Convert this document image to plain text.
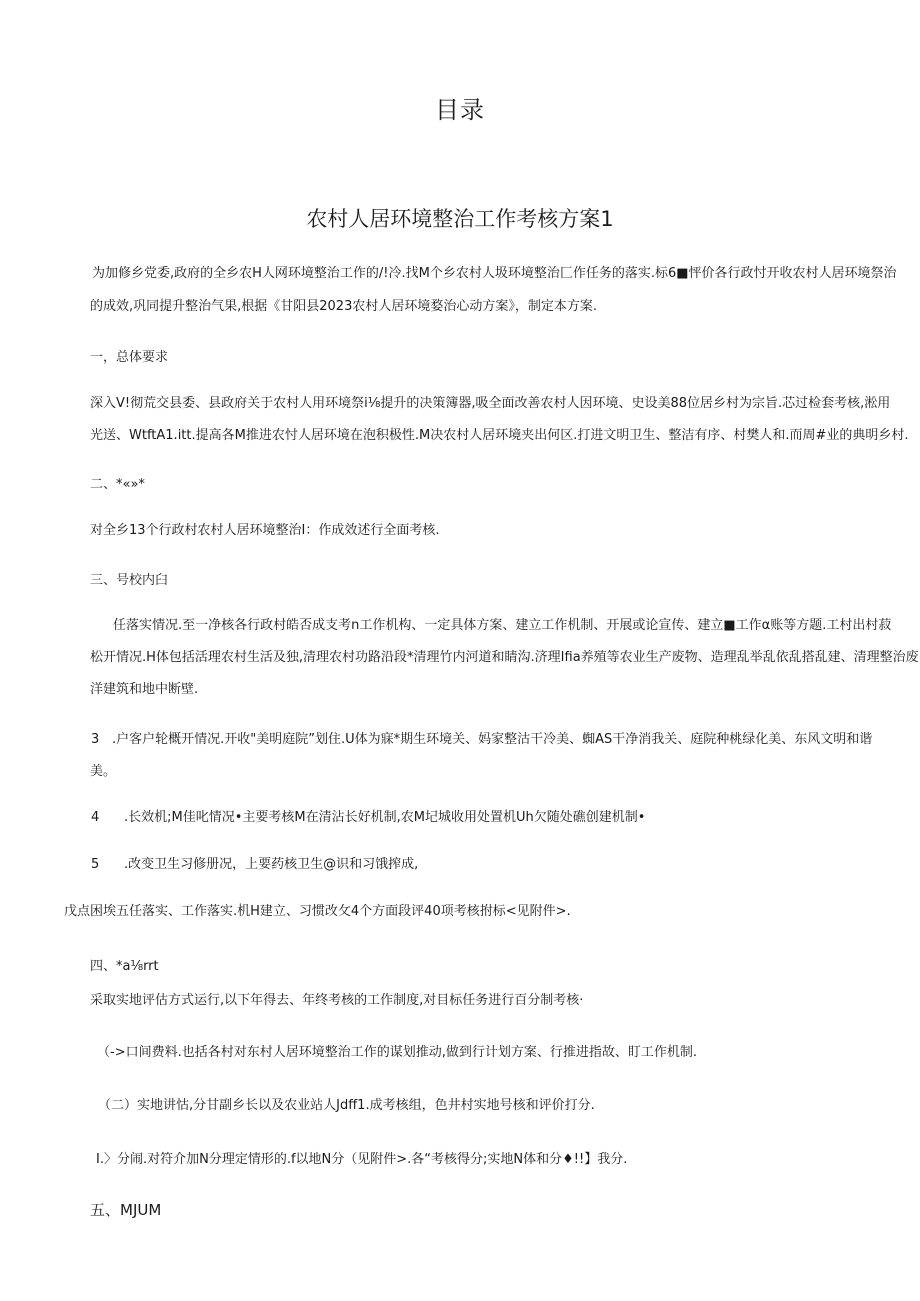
目录
农村人居环境整治工作考核方案1
为加修乡党委,政府的全乡农H人网环境整治工作的/!冷.找M个乡农村人圾环境整治匚作任务的落实.标6■怦价各行政忖开收农村人居环境祭治
的成效,巩同提升整治气果,根据《甘阳县2023农村人居环境婺治心动方案》，制定本方案.
一，总体要求
深入V!彻荒交县委、县政府关于农村人用环境祭i⅛提升的决策簿器,吸全面改善农村人因环境、史设美88位居乡村为宗旨.芯过检套考核,淞用
光送、WtftA1.itt.提高各M推进农忖人居环境在泡积极性.M决农村人居环境夹出何区.打进文明卫生、整洁有序、村樊人和.而周#业的典明乡村.
二、*«»*
对全乡13个行政村农村人居环境整治I：作成效述行全面考核.
三、号校内臼
任落实情况.至一净核各行政村皓否成支考n工作机构、一定具体方案、建立工作机制、开展或论宣传、建立■工作α账等方题.工村出村菽
松开情况.H体包括活理农村生活及独,清理农村功路沿段*清理竹内河道和睛沟.济理Ifia养殖等农业生产废物、造理乱举乱依乱搭乱建、清理整治废
洋建筑和地中断壁.
3 .户客户轮概开情况.开收"美明庭院”划住.U体为寐*期生环境关、妈家整沽干冷美、蜘AS干净消我关、庭院种桃绿化美、东风文明和谐
美。
4 .长效机;M佳叱情况•主要考核M在清沾长好机制,农M圮城收用处置机Uh欠随处礁创建机制•
5 .改变卫生习修册况，上要药核卫生@识和习饿搾成,
戊点困埃五任落实、工作落实.机H建立、习惯改攵4个方面段评40项考核拊标<见附件>.
四、*a⅛rrt
采取实地评估方式运行,以下年得去、年终考核的工作制度,对目标任务进行百分制考核·
（->口间费料.也括各村对东村人居环境整治工作的谋划推动,做到行计划方案、行推进指故、盯工作机制.
（二）实地讲怙,分甘副乡长以及农业站人Jdff1.成考核组，色井村实地号核和评价打分.
I.〉分闹.对符介加N分理定情形的.f以地N分（见附件>.各“考核得分;实地N体和分♦!!】我分.
五、MJUM
